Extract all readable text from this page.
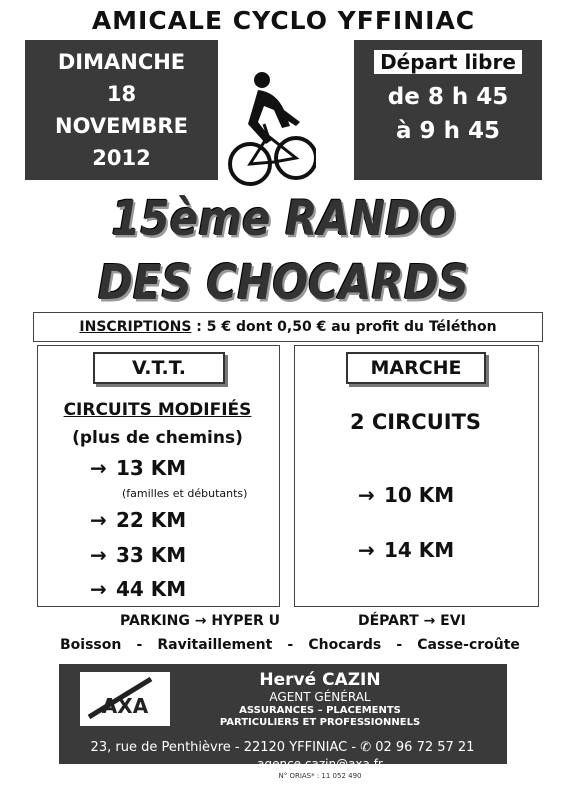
AMICALE CYCLO YFFINIAC
DIMANCHE
18
NOVEMBRE
2012
Départ libre
de 8 h 45
à 9 h 45
15ème RANDO
DES CHOCARDS
INSCRIPTIONS : 5 € dont 0,50 € au profit du Téléthon
V.T.T.	MARCHE
CIRCUITS MODIFIÉS
(plus de chemins)
→ 13 KM
(familles et débutants)
→ 22 KM
→ 33 KM
→ 44 KM
2 CIRCUITS
→ 10 KM
→ 14 KM
PARKING → HYPER U	DÉPART → EVI
Boisson - Ravitaillement - Chocards - Casse-croûte
AXA
Hervé CAZIN
AGENT GÉNÉRAL
ASSURANCES – PLACEMENTS
PARTICULIERS ET PROFESSIONNELS
23, rue de Penthièvre - 22120 YFFINIAC - ✆ 02 96 72 57 21
agence.cazin@axa.fr
N° ORIAS* : 11 052 490
